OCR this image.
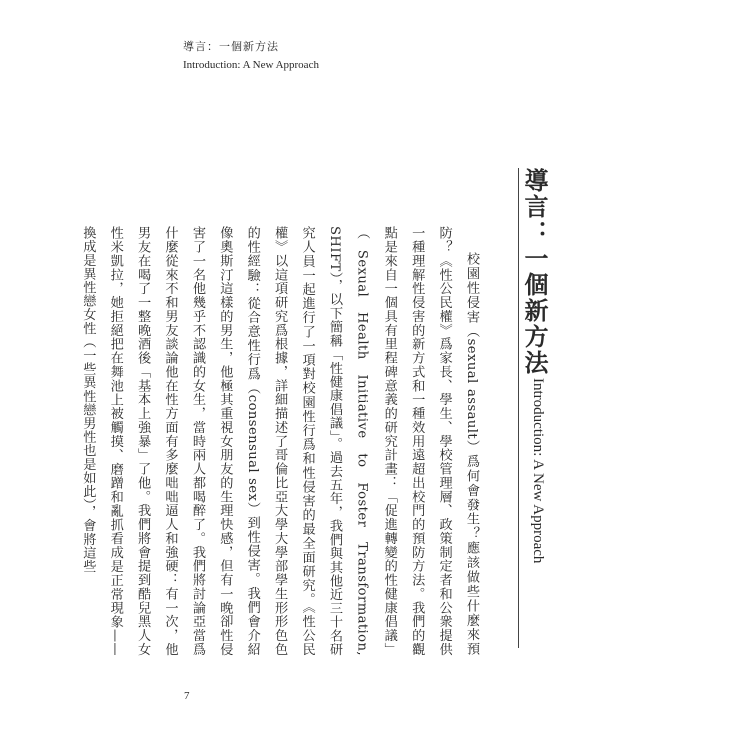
導言：一個新方法
Introduction: A New Approach
導言：一個新方法
Introduction: A New Approach

校園性侵害（sexual assault）爲何會發生？應該做些什麼來預防？《性公民權》爲家長、學生、學校管理層、政策制定者和公衆提供一種理解性侵害的新方式和一種效用遠超出校門的預防方法。我們的觀點是來自一個具有里程碑意義的研究計畫：「促進轉變的性健康倡議」（Sexual Health Initiative to Foster Transformation, SHIFT），以下簡稱「性健康倡議」。過去五年，我們與其他近三十名研究人員一起進行了一項對校園性行爲和性侵害的最全面研究。《性公民權》以這項研究爲根據，詳細描述了哥倫比亞大學大學部學生形形色色的性經驗：從合意性行爲（consensual sex）到性侵害。我們會介紹像奧斯汀這樣的男生，他極其重視女朋友的生理快感，但有一晚卻性侵害了一名他幾乎不認識的女生，當時兩人都喝醉了。我們將討論亞當爲什麼從來不和男友談論他在性方面有多麼咄咄逼人和強硬：有一次，他男友在喝了一整晚酒後「基本上強暴」了他。我們將會提到酷兒黑人女性米凱拉，她拒絕把在舞池上被觸摸、磨蹭和亂抓看成是正常現象——換成是異性戀女性（一些異性戀男性也是如此），會將這些

7
